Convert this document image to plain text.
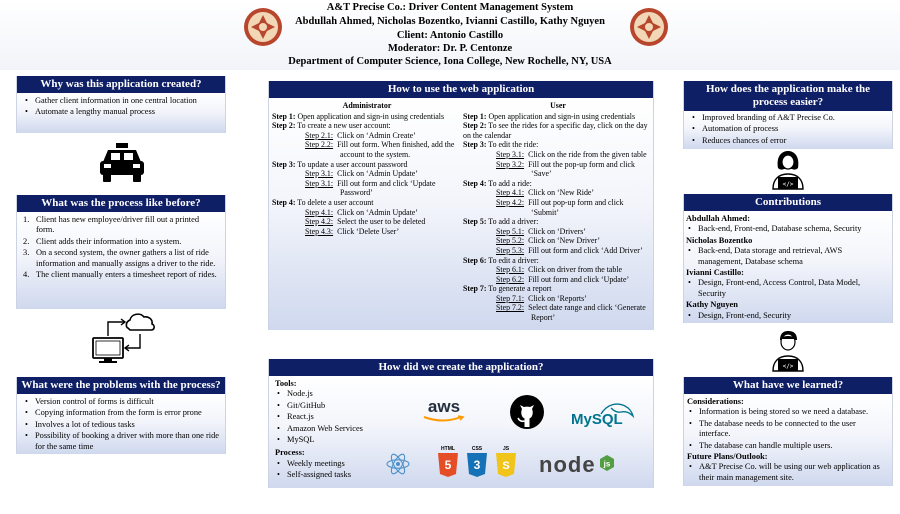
A&T Precise Co.: Driver Content Management System
Abdullah Ahmed, Nicholas Bozentko, Ivianni Castillo, Kathy Nguyen
Client: Antonio Castillo
Moderator: Dr. P. Centonze
Department of Computer Science, Iona College, New Rochelle, NY, USA
Why was this application created?
• Gather client information in one central location
• Automate a lengthy manual process
What was the process like before?
1. Client has new employee/driver fill out a printed form.
2. Client adds their information into a system.
3. On a second system, the owner gathers a list of ride information and manually assigns a driver to the ride.
4. The client manually enters a timesheet report of rides.
What were the problems with the process?
• Version control of forms is difficult
• Copying information from the form is error prone
• Involves a lot of tedious tasks
• Possibility of booking a driver with more than one ride for the same time
How to use the web application
Administrator
Step 1: Open application and sign-in using credentials
Step 2: To create a new user account:
Step 2.1: Click on ‘Admin Create’
Step 2.2: Fill out form. When finished, add the account to the system.
Step 3: To update a user account password
Step 3.1: Click on ‘Admin Update’
Step 3.1: Fill out form and click ‘Update Password’
Step 4: To delete a user account
Step 4.1: Click on ‘Admin Update’
Step 4.2: Select the user to be deleted
Step 4.3: Click ‘Delete User’
User
Step 1: Open application and sign-in using credentials
Step 2: To see the rides for a specific day, click on the day on the calendar
Step 3: To edit the ride:
Step 3.1: Click on the ride from the given table
Step 3.2: Fill out the pop-up form and click ‘Save’
Step 4: To add a ride:
Step 4.1: Click on ‘New Ride’
Step 4.2: Fill out pop-up form and click ‘Submit’
Step 5: To add a driver:
Step 5.1: Click on ‘Drivers’
Step 5.2: Click on ‘New Driver’
Step 5.3: Fill out form and click ‘Add Driver’
Step 6: To edit a driver:
Step 6.1: Click on driver from the table
Step 6.2: Fill out form and click ‘Update’
Step 7: To generate a report
Step 7.1: Click on ‘Reports’
Step 7.2: Select date range and click ‘Generate Report’
How did we create the application?
Tools:
• Node.js
• Git/GitHub
• React.js
• Amazon Web Services
• MySQL
Process:
• Weekly meetings
• Self-assigned tasks
aws
MySQL
HTML
5
CSS
3
JS
S node js
How does the application make the process easier?
• Improved branding of A&T Precise Co.
• Automation of process
• Reduces chances of error
</>
Contributions
Abdullah Ahmed:
• Back-end, Front-end, Database schema, Security
Nicholas Bozentko
• Back-end, Data storage and retrieval, AWS management, Database schema
Ivianni Castillo:
• Design, Front-end, Access Control, Data Model, Security
Kathy Nguyen
• Design, Front-end, Security
</>
What have we learned?
Considerations:
• Information is being stored so we need a database.
• The database needs to be connected to the user interface.
• The database can handle multiple users.
Future Plans/Outlook:
• A&T Precise Co. will be using our web application as their main management site.
